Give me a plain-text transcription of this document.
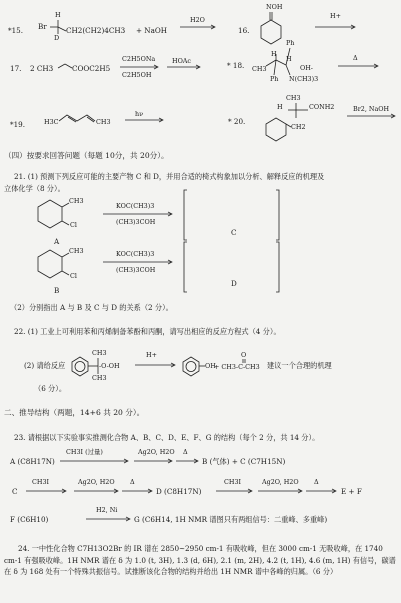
*15. Br
H
D
CH2(CH2)4CH3 + NaOH
H2O
16.
NOH
H+
17. 2 CH3	COOC2H5
C2H5ONa
C2H5OH
HOAc	* 18.
Ph
H
CH3
H
Ph
OH-
N(CH3)3
Δ
*19.	H3C	CH3
hν
* 20.
CH3
CONH2
H
CH2
Br2, NaOH
（四）按要求回答问题（每题 10分，共 20分）。
21. (1) 预测下列反应可能的主要产物 C 和 D，并用合适的椅式构象加以分析、解释反应的机理及
立体化学（8 分）。
CH3
Cl
A
KOC(CH3)3
(CH3)3COH
C
CH3
Cl
B
KOC(CH3)3
(CH3)3COH
D
（2）分别指出 A 与 B 及 C 与 D 的关系（2 分）。
22. (1) 工业上可利用苯和丙烯制备苯酚和丙酮，请写出相应的反应方程式（4 分）。
(2) 请给反应
CH3
CH3
-O-OH
H+
OH
O
+ CH3-C-CH3 建议一个合理的机理
（6 分）。
二、推导结构（两题，14+6 共 20 分）。
23. 请根据以下实验事实推测化合物 A、B、C、D、E、F、G 的结构（每个 2 分，共 14 分）。
A (C8H17N)
CH3I (过量)	Ag2O, H2O Δ
B (气体) + C (C7H15N)
C
CH3I	Ag2O, H2O Δ
D (C8H17N)
CH3I	Ag2O, H2O Δ
E + F
F (C6H10)
H2, Ni
G (C6H14, 1H NMR 谱图只有两组信号：二重峰、多重峰)
24. 一中性化合物 C7H13O2Br 的 IR 谱在 2850~2950 cm-1 有吸收峰，但在 3000 cm-1 无吸收峰，在 1740 cm-1 有强吸收峰。1H NMR 谱在 δ 为 1.0 (t, 3H), 1.3 (d, 6H), 2.1 (m, 2H), 4.2 (t, 1H), 4.6 (m, 1H) 有信号，碳谱在 δ 为 168 处有一个特殊共振信号。试推断该化合物的结构并给出 1H NMR 谱中各峰的归属。（6 分）
